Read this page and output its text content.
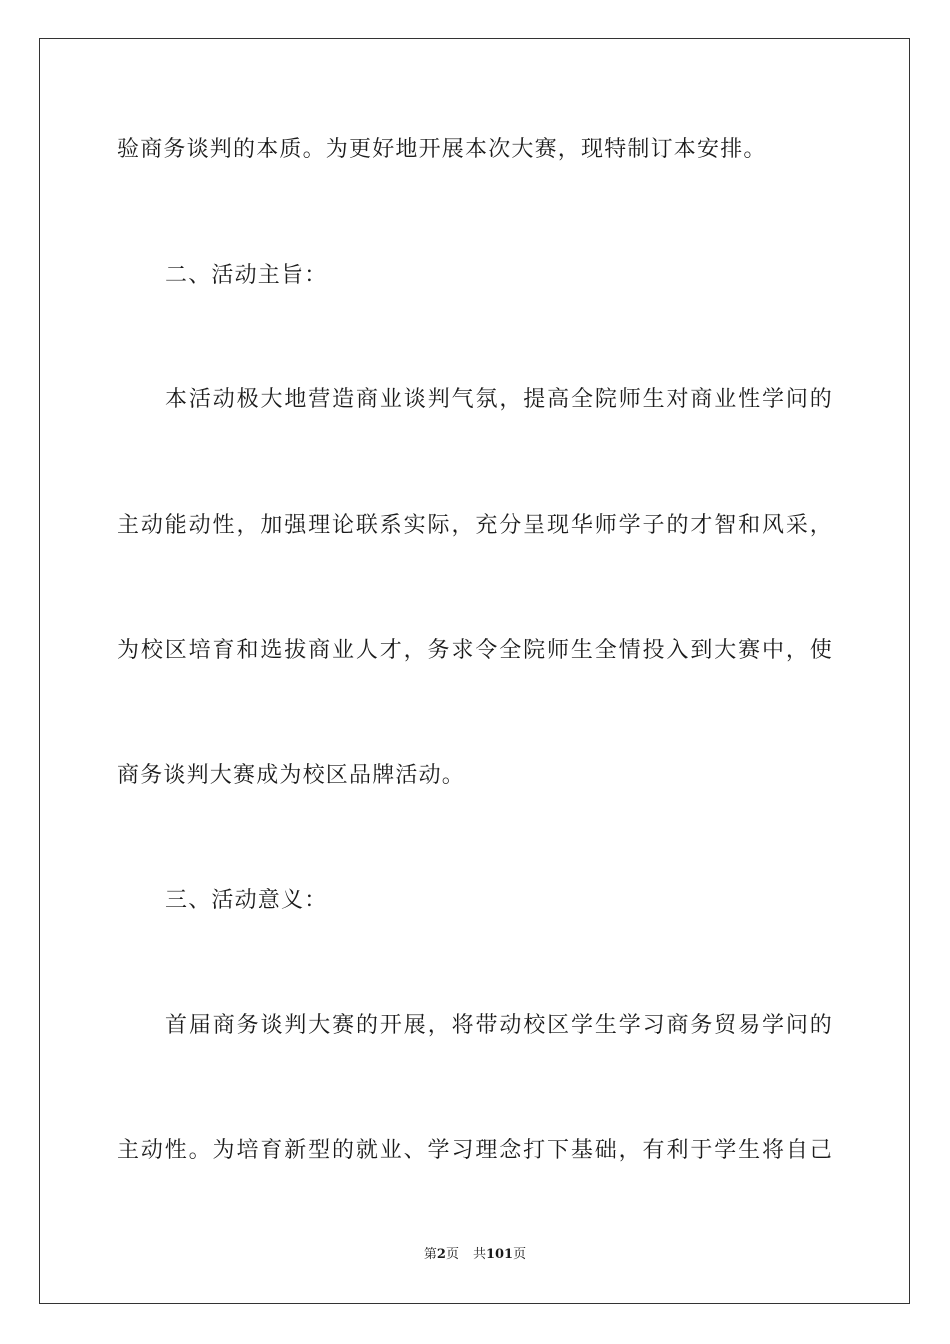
验商务谈判的本质。为更好地开展本次大赛，现特制订本安排。
二、活动主旨：
本活动极大地营造商业谈判气氛，提高全院师生对商业性学问的
主动能动性，加强理论联系实际，充分呈现华师学子的才智和风采，
为校区培育和选拔商业人才，务求令全院师生全情投入到大赛中，使
商务谈判大赛成为校区品牌活动。
三、活动意义：
首届商务谈判大赛的开展，将带动校区学生学习商务贸易学问的
主动性。为培育新型的就业、学习理念打下基础，有利于学生将自己
第2页 共101页
